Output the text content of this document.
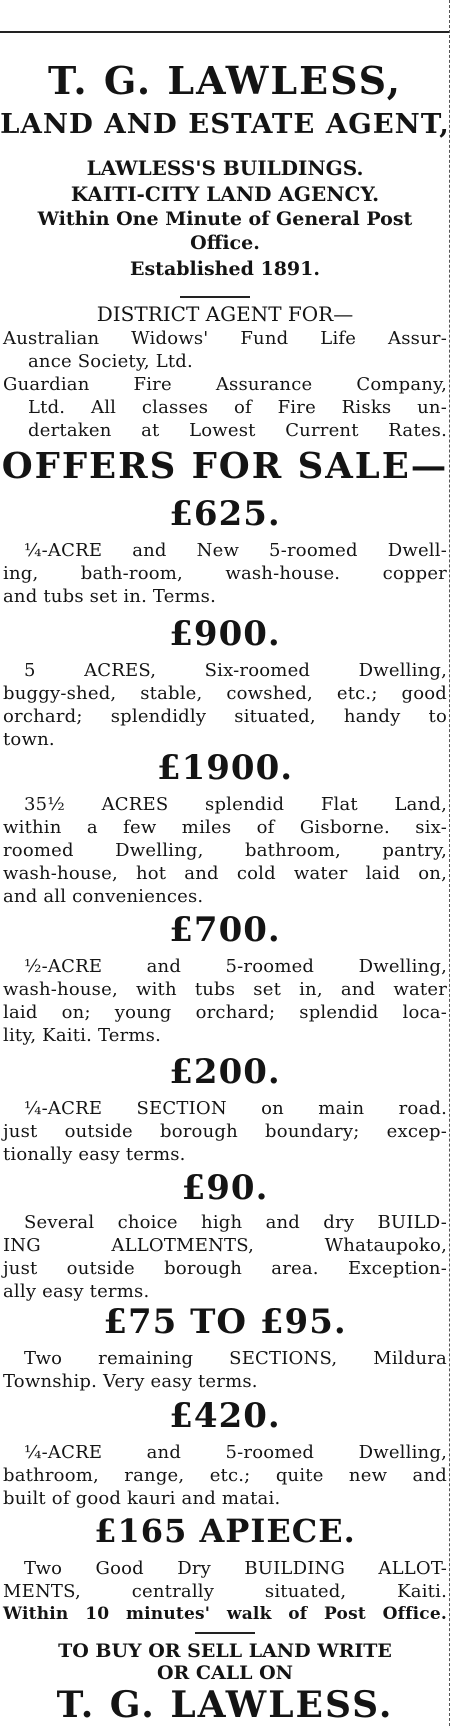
T. G. LAWLESS,
LAND AND ESTATE AGENT,
LAWLESS'S BUILDINGS.
KAITI-CITY LAND AGENCY.
Within One Minute of General Post
Office.
Established 1891.
DISTRICT AGENT FOR—
Australian Widows' Fund Life Assur-
ance Society, Ltd.
Guardian Fire Assurance Company,
Ltd. All classes of Fire Risks un-
dertaken at Lowest Current Rates.
OFFERS FOR SALE—
£625.
¼-ACRE and New 5-roomed Dwell-
ing, bath-room, wash-house. copper
and tubs set in. Terms.
£900.
5 ACRES, Six-roomed Dwelling,
buggy-shed, stable, cowshed, etc.; good
orchard; splendidly situated, handy to
town.
£1900.
35½ ACRES splendid Flat Land,
within a few miles of Gisborne. six-
roomed Dwelling, bathroom, pantry,
wash-house, hot and cold water laid on,
and all conveniences.
£700.
½-ACRE and 5-roomed Dwelling,
wash-house, with tubs set in, and water
laid on; young orchard; splendid loca-
lity, Kaiti. Terms.
£200.
¼-ACRE SECTION on main road.
just outside borough boundary; excep-
tionally easy terms.
£90.
Several choice high and dry BUILD-
ING ALLOTMENTS, Whataupoko,
just outside borough area. Exception-
ally easy terms.
£75 TO £95.
Two remaining SECTIONS, Mildura
Township. Very easy terms.
£420.
¼-ACRE and 5-roomed Dwelling,
bathroom, range, etc.; quite new and
built of good kauri and matai.
£165 APIECE.
Two Good Dry BUILDING ALLOT-
MENTS, centrally situated, Kaiti.
Within 10 minutes' walk of Post Office.
TO BUY OR SELL LAND WRITE
OR CALL ON
T. G. LAWLESS.
